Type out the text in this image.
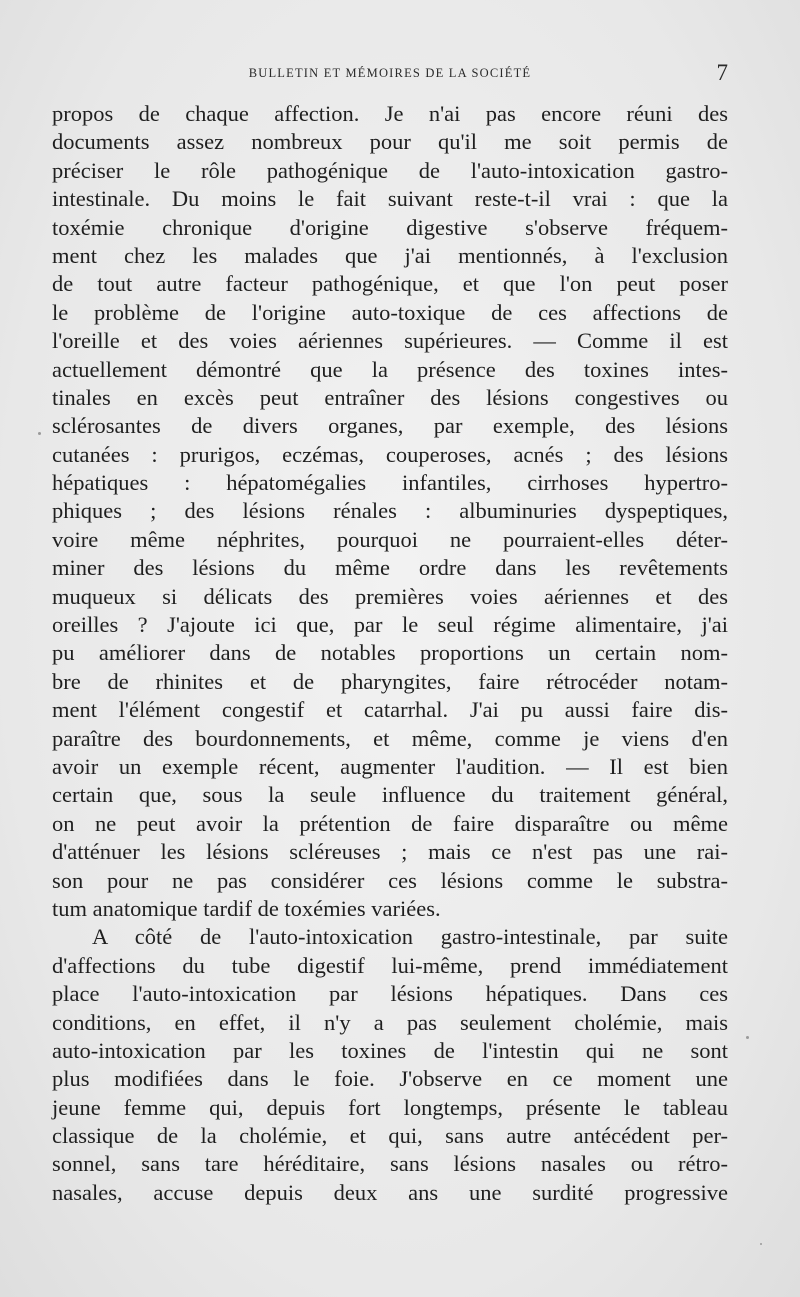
BULLETIN ET MÉMOIRES DE LA SOCIÉTÉ	7
propos de chaque affection. Je n'ai pas encore réuni des
documents assez nombreux pour qu'il me soit permis de
préciser le rôle pathogénique de l'auto-intoxication gastro-
intestinale. Du moins le fait suivant reste-t-il vrai : que la
toxémie chronique d'origine digestive s'observe fréquem-
ment chez les malades que j'ai mentionnés, à l'exclusion
de tout autre facteur pathogénique, et que l'on peut poser
le problème de l'origine auto-toxique de ces affections de
l'oreille et des voies aériennes supérieures. — Comme il est
actuellement démontré que la présence des toxines intes-
tinales en excès peut entraîner des lésions congestives ou
sclérosantes de divers organes, par exemple, des lésions
cutanées : prurigos, eczémas, couperoses, acnés ; des lésions
hépatiques : hépatomégalies infantiles, cirrhoses hypertro-
phiques ; des lésions rénales : albuminuries dyspeptiques,
voire même néphrites, pourquoi ne pourraient-elles déter-
miner des lésions du même ordre dans les revêtements
muqueux si délicats des premières voies aériennes et des
oreilles ? J'ajoute ici que, par le seul régime alimentaire, j'ai
pu améliorer dans de notables proportions un certain nom-
bre de rhinites et de pharyngites, faire rétrocéder notam-
ment l'élément congestif et catarrhal. J'ai pu aussi faire dis-
paraître des bourdonnements, et même, comme je viens d'en
avoir un exemple récent, augmenter l'audition. — Il est bien
certain que, sous la seule influence du traitement général,
on ne peut avoir la prétention de faire disparaître ou même
d'atténuer les lésions scléreuses ; mais ce n'est pas une rai-
son pour ne pas considérer ces lésions comme le substra-
tum anatomique tardif de toxémies variées.
A côté de l'auto-intoxication gastro-intestinale, par suite
d'affections du tube digestif lui-même, prend immédiatement
place l'auto-intoxication par lésions hépatiques. Dans ces
conditions, en effet, il n'y a pas seulement cholémie, mais
auto-intoxication par les toxines de l'intestin qui ne sont
plus modifiées dans le foie. J'observe en ce moment une
jeune femme qui, depuis fort longtemps, présente le tableau
classique de la cholémie, et qui, sans autre antécédent per-
sonnel, sans tare héréditaire, sans lésions nasales ou rétro-
nasales, accuse depuis deux ans une surdité progressive
